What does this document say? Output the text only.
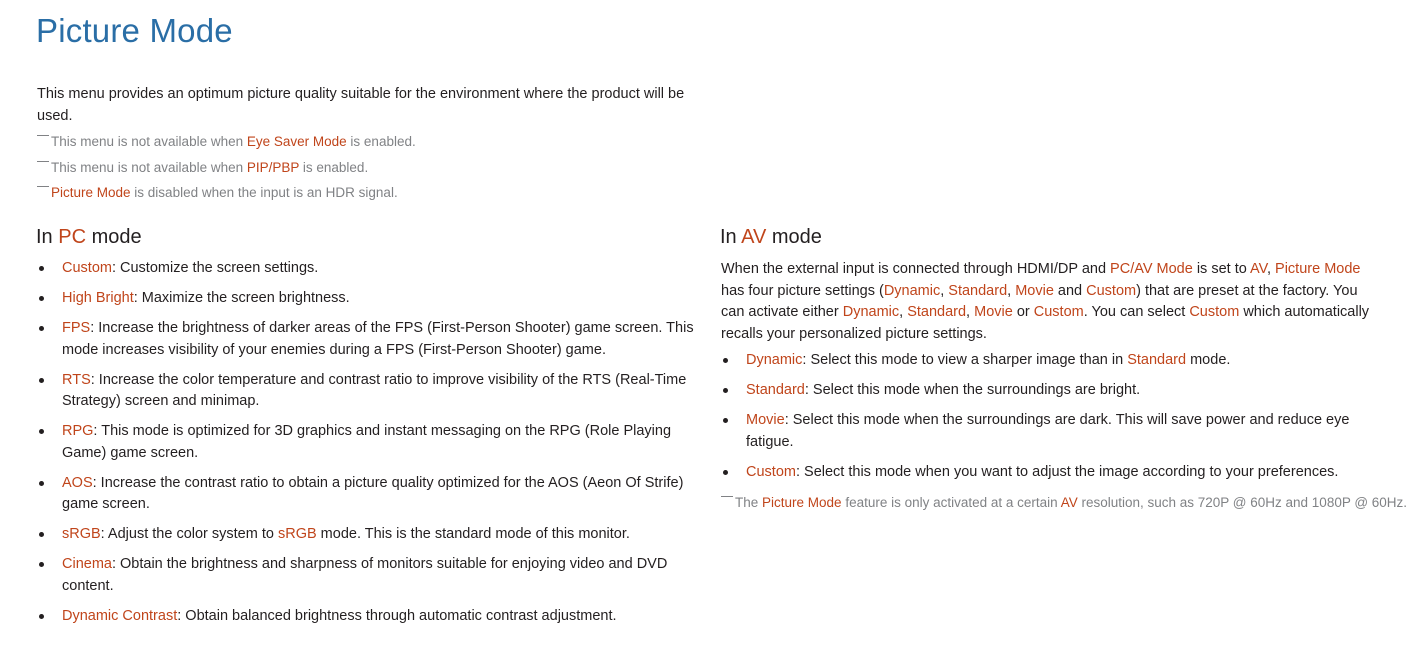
Picture Mode

This menu provides an optimum picture quality suitable for the environment where the product will be used.

This menu is not available when Eye Saver Mode is enabled.

This menu is not available when PIP/PBP is enabled.

Picture Mode is disabled when the input is an HDR signal.

In PC mode
Custom: Customize the screen settings.
High Bright: Maximize the screen brightness.
FPS: Increase the brightness of darker areas of the FPS (First-Person Shooter) game screen. This mode increases visibility of your enemies during a FPS (First-Person Shooter) game.
RTS: Increase the color temperature and contrast ratio to improve visibility of the RTS (Real-Time Strategy) screen and minimap.
RPG: This mode is optimized for 3D graphics and instant messaging on the RPG (Role Playing Game) game screen.
AOS: Increase the contrast ratio to obtain a picture quality optimized for the AOS (Aeon Of Strife) game screen.
sRGB: Adjust the color system to sRGB mode. This is the standard mode of this monitor.
Cinema: Obtain the brightness and sharpness of monitors suitable for enjoying video and DVD content.
Dynamic Contrast: Obtain balanced brightness through automatic contrast adjustment.
In AV mode

When the external input is connected through HDMI/DP and PC/AV Mode is set to AV, Picture Mode has four picture settings (Dynamic, Standard, Movie and Custom) that are preset at the factory. You can activate either Dynamic, Standard, Movie or Custom. You can select Custom which automatically recalls your personalized picture settings.

Dynamic: Select this mode to view a sharper image than in Standard mode.
Standard: Select this mode when the surroundings are bright.
Movie: Select this mode when the surroundings are dark. This will save power and reduce eye fatigue.
Custom: Select this mode when you want to adjust the image according to your preferences.

The Picture Mode feature is only activated at a certain AV resolution, such as 720P @ 60Hz and 1080P @ 60Hz.
